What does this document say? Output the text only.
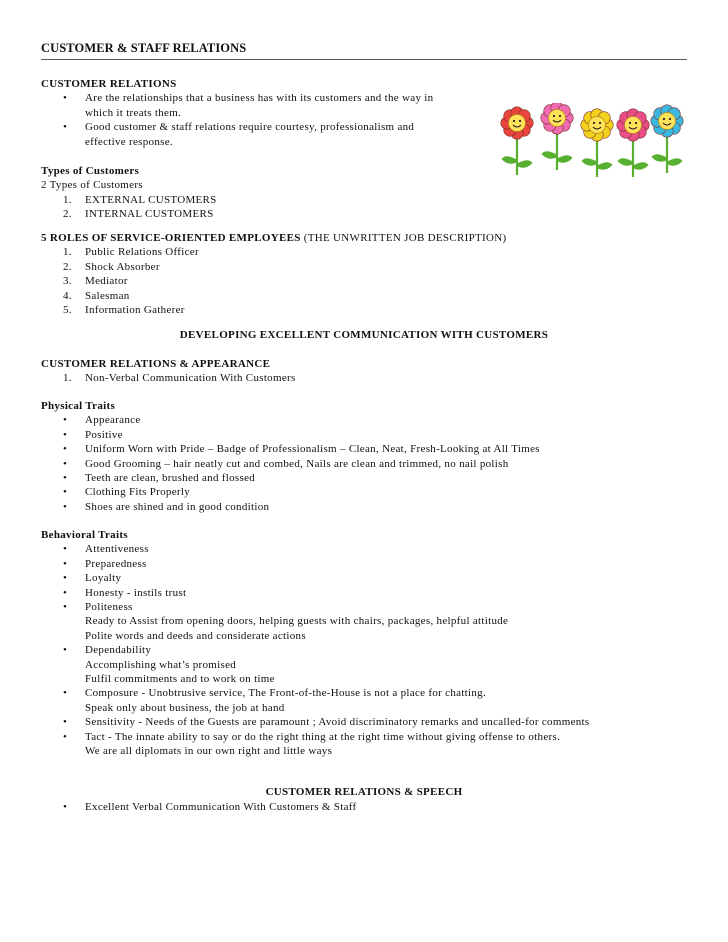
CUSTOMER & STAFF RELATIONS
CUSTOMER RELATIONS
• Are the relationships that a business has with its customers and the way in
which it treats them.
• Good customer & staff relations require courtesy, professionalism and
effective response.
Types of Customers
2 Types of Customers
1. EXTERNAL CUSTOMERS
2. INTERNAL CUSTOMERS
5 ROLES OF SERVICE-ORIENTED EMPLOYEES (THE UNWRITTEN JOB DESCRIPTION)
1. Public Relations Officer
2. Shock Absorber
3. Mediator
4. Salesman
5. Information Gatherer
DEVELOPING EXCELLENT COMMUNICATION WITH CUSTOMERS
CUSTOMER RELATIONS & APPEARANCE
1. Non-Verbal Communication With Customers
Physical Traits
• Appearance
• Positive
• Uniform Worn with Pride – Badge of Professionalism – Clean, Neat, Fresh-Looking at All Times
• Good Grooming – hair neatly cut and combed, Nails are clean and trimmed, no nail polish
• Teeth are clean, brushed and flossed
• Clothing Fits Properly
• Shoes are shined and in good condition
Behavioral Traits
• Attentiveness
• Preparedness
• Loyalty
• Honesty - instils trust
• Politeness
Ready to Assist from opening doors, helping guests with chairs, packages, helpful attitude
Polite words and deeds and considerate actions
• Dependability
Accomplishing what’s promised
Fulfil commitments and to work on time
• Composure - Unobtrusive service, The Front-of-the-House is not a place for chatting.
Speak only about business, the job at hand
• Sensitivity - Needs of the Guests are paramount ; Avoid discriminatory remarks and uncalled-for comments
• Tact - The innate ability to say or do the right thing at the right time without giving offense to others.
We are all diplomats in our own right and little ways
CUSTOMER RELATIONS & SPEECH
• Excellent Verbal Communication With Customers & Staff
